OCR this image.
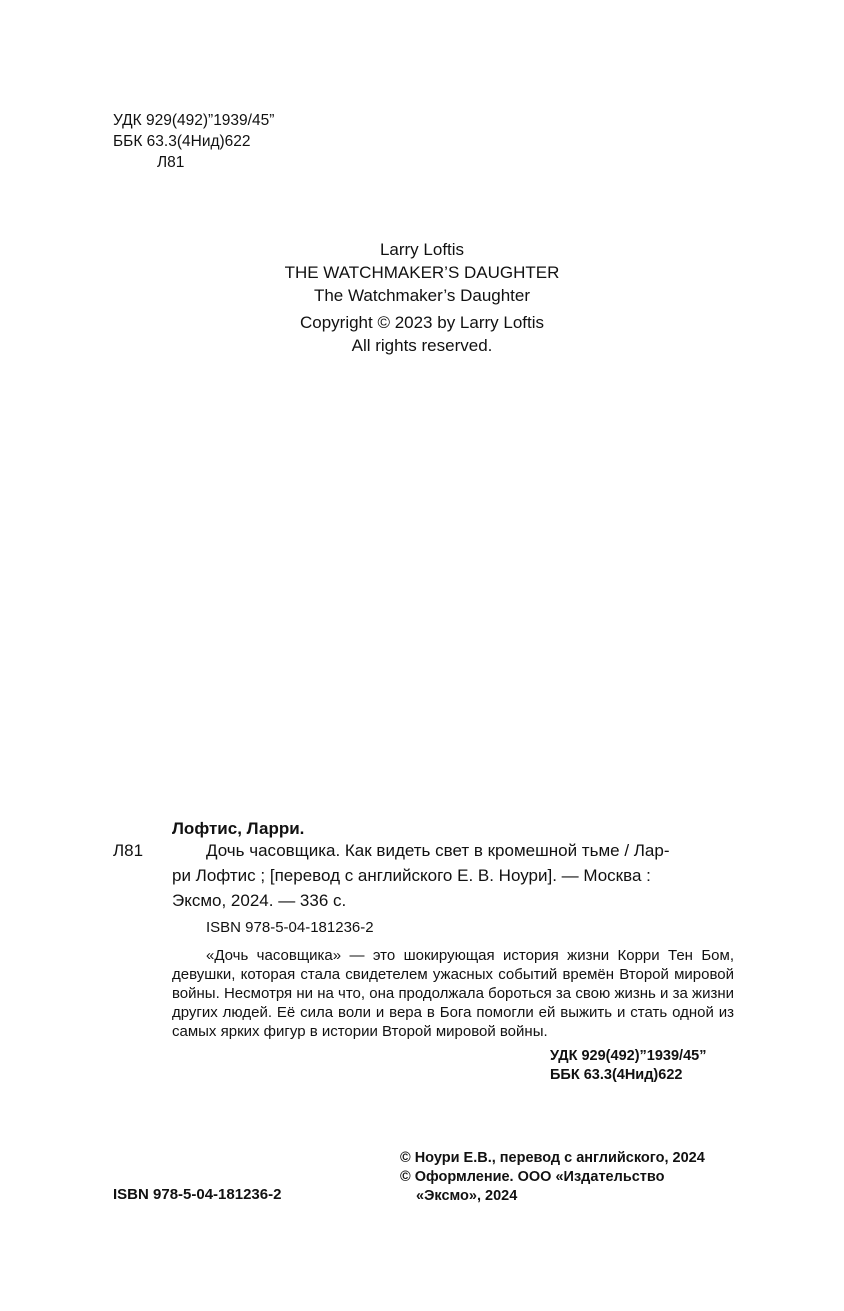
УДК 929(492)”1939/45”
ББК 63.3(4Нид)622
Л81
Larry Loftis
THE WATCHMAKER’S DAUGHTER
The Watchmaker’s Daughter
Copyright © 2023 by Larry Loftis
All rights reserved.
Лофтис, Ларри.
Л81	Дочь часовщика. Как видеть свет в кромешной тьме / Лар-
ри Лофтис ; [перевод с английского Е. В. Ноури]. — Москва :
Эксмо, 2024. — 336 с.
ISBN 978-5-04-181236-2

«Дочь часовщика» — это шокирующая история жизни Корри Тен Бом, девушки, которая стала свидетелем ужасных событий времён Второй мировой войны. Несмотря ни на что, она продолжала бороться за свою жизнь и за жизни других людей. Её сила воли и вера в Бога помогли ей выжить и стать одной из самых ярких фигур в истории Второй мировой войны.

УДК 929(492)”1939/45”
ББК 63.3(4Нид)622
ISBN 978-5-04-181236-2
© Ноури Е.В., перевод с английского, 2024
© Оформление. ООО «Издательство
«Эксмо», 2024
